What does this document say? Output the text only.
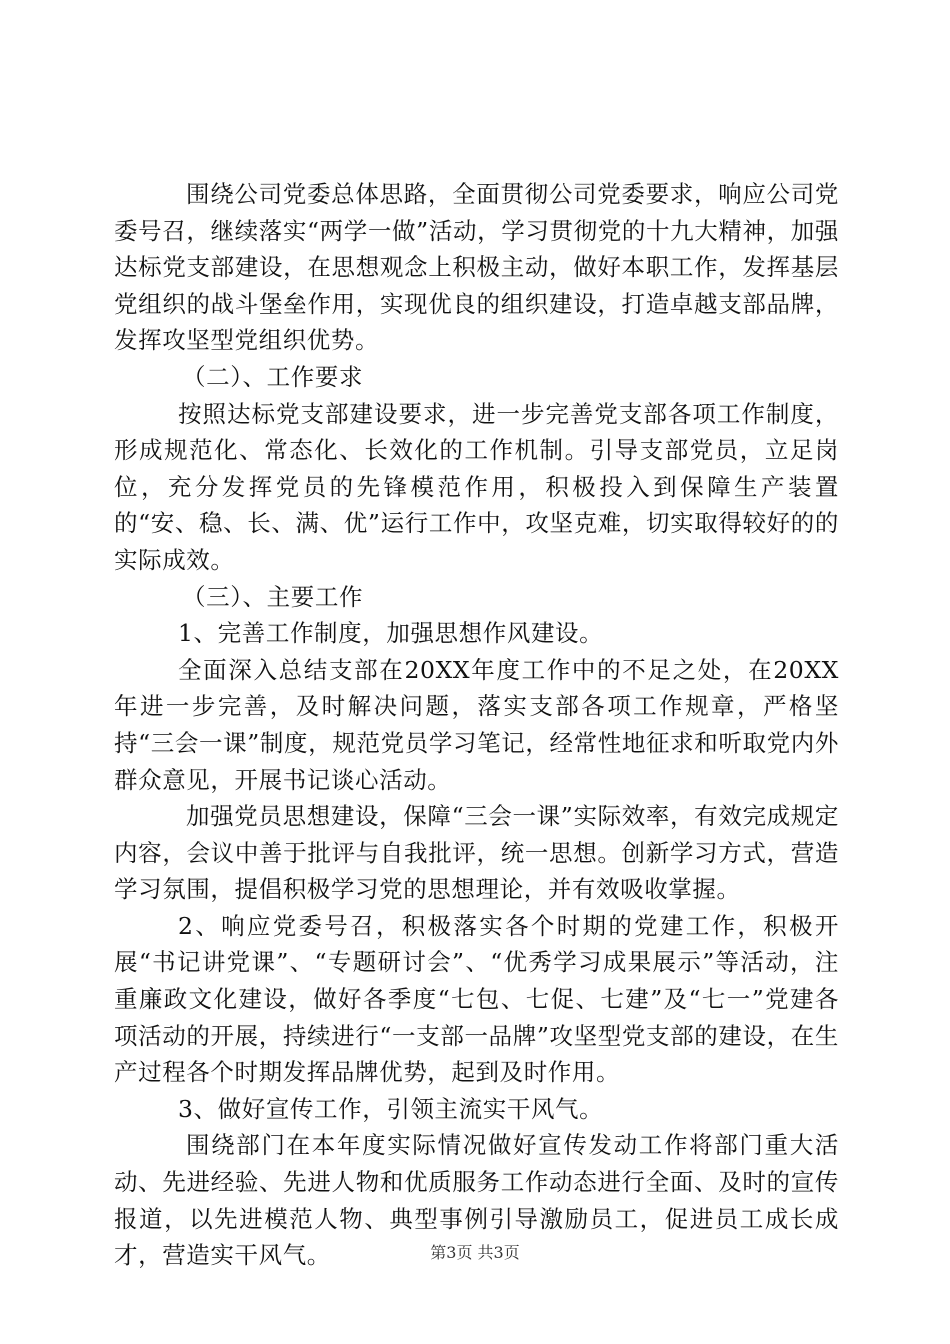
围绕公司党委总体思路，全面贯彻公司党委要求，响应公司党委号召，继续落实“两学一做”活动，学习贯彻党的十九大精神，加强达标党支部建设，在思想观念上积极主动，做好本职工作，发挥基层党组织的战斗堡垒作用，实现优良的组织建设，打造卓越支部品牌，发挥攻坚型党组织优势。

（二）、工作要求

按照达标党支部建设要求，进一步完善党支部各项工作制度，形成规范化、常态化、长效化的工作机制。引导支部党员，立足岗位，充分发挥党员的先锋模范作用，积极投入到保障生产装置的“安、稳、长、满、优”运行工作中，攻坚克难，切实取得较好的的实际成效。

（三）、主要工作

1、完善工作制度，加强思想作风建设。

全面深入总结支部在20XX年度工作中的不足之处，在20XX年进一步完善，及时解决问题，落实支部各项工作规章，严格坚持“三会一课”制度，规范党员学习笔记，经常性地征求和听取党内外群众意见，开展书记谈心活动。

加强党员思想建设，保障“三会一课”实际效率，有效完成规定内容，会议中善于批评与自我批评，统一思想。创新学习方式，营造学习氛围，提倡积极学习党的思想理论，并有效吸收掌握。

2、响应党委号召，积极落实各个时期的党建工作，积极开展“书记讲党课”、“专题研讨会”、“优秀学习成果展示”等活动，注重廉政文化建设，做好各季度“七包、七促、七建”及“七一”党建各项活动的开展，持续进行“一支部一品牌”攻坚型党支部的建设，在生产过程各个时期发挥品牌优势，起到及时作用。

3、做好宣传工作，引领主流实干风气。

围绕部门在本年度实际情况做好宣传发动工作将部门重大活动、先进经验、先进人物和优质服务工作动态进行全面、及时的宣传报道，以先进模范人物、典型事例引导激励员工，促进员工成长成才，营造实干风气。	第3页 共3页
